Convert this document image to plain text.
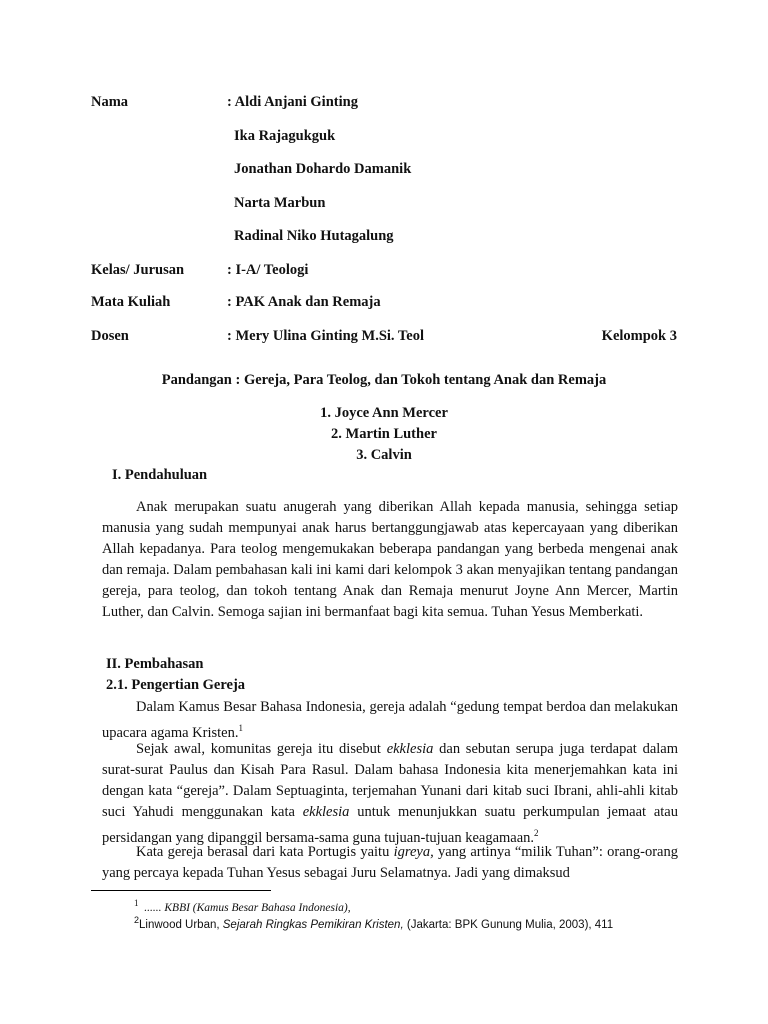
Nama	: Aldi Anjani Ginting
Ika Rajagukguk
Jonathan Dohardo Damanik
Narta Marbun
Radinal Niko Hutagalung
Kelas/ Jurusan	: I-A/ Teologi
Mata Kuliah	: PAK Anak dan Remaja
Dosen	: Mery Ulina Ginting M.Si. Teol	Kelompok 3
Pandangan : Gereja, Para Teolog, dan Tokoh tentang Anak dan Remaja
1. Joyce Ann Mercer
2. Martin Luther
3. Calvin
I. Pendahuluan
Anak merupakan suatu anugerah yang diberikan Allah kepada manusia, sehingga setiap manusia yang sudah mempunyai anak harus bertanggungjawab atas kepercayaan yang diberikan Allah kepadanya. Para teolog mengemukakan beberapa pandangan yang berbeda mengenai anak dan remaja. Dalam pembahasan kali ini kami dari kelompok 3 akan menyajikan tentang pandangan gereja, para teolog, dan tokoh tentang Anak dan Remaja menurut Joyne Ann Mercer, Martin Luther, dan Calvin. Semoga sajian ini bermanfaat bagi kita semua. Tuhan Yesus Memberkati.
II. Pembahasan
2.1. Pengertian Gereja
Dalam Kamus Besar Bahasa Indonesia, gereja adalah “gedung tempat berdoa dan melakukan upacara agama Kristen.$^1$
Sejak awal, komunitas gereja itu disebut ekklesia dan sebutan serupa juga terdapat dalam surat-surat Paulus dan Kisah Para Rasul. Dalam bahasa Indonesia kita menerjemahkan kata ini dengan kata “gereja”. Dalam Septuaginta, terjemahan Yunani dari kitab suci Ibrani, ahli-ahli kitab suci Yahudi menggunakan kata ekklesia untuk menunjukkan suatu perkumpulan jemaat atau persidangan yang dipanggil bersama-sama guna tujuan-tujuan keagamaan.$^2$
Kata gereja berasal dari kata Portugis yaitu igreya, yang artinya “milik Tuhan”: orang-orang yang percaya kepada Tuhan Yesus sebagai Juru Selamatnya. Jadi yang dimaksud
$^1$ ...... KBBI (Kamus Besar Bahasa Indonesia),
$^2$Linwood Urban, Sejarah Ringkas Pemikiran Kristen, (Jakarta: BPK Gunung Mulia, 2003), 411
